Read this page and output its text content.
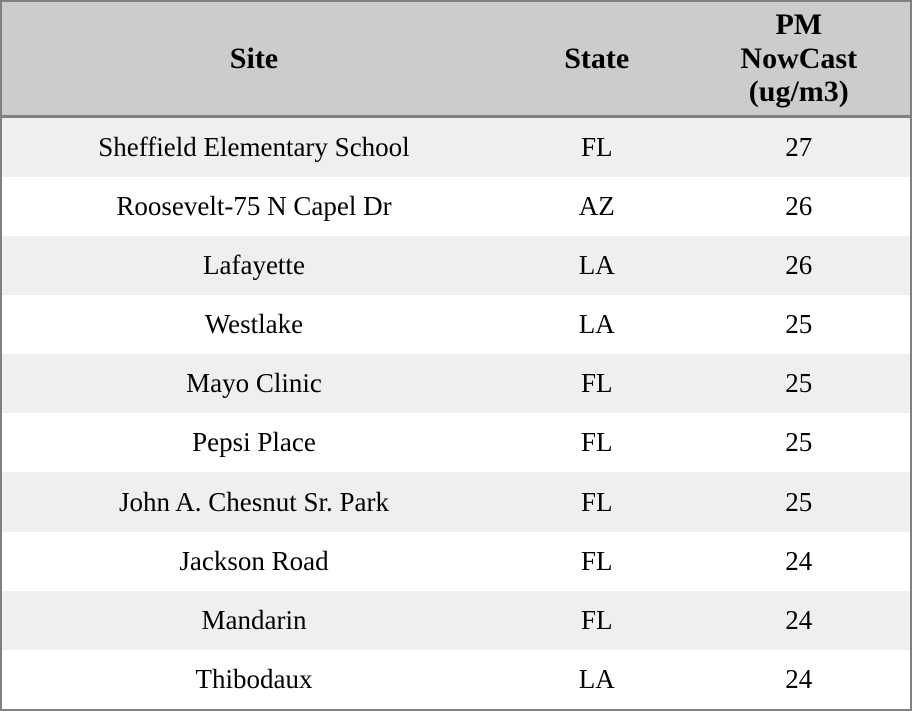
Site	State	PM
NowCast
(ug/m3)

Sheffield Elementary School	FL	27
Roosevelt-75 N Capel Dr	AZ	26
Lafayette	LA	26
Westlake	LA	25
Mayo Clinic	FL	25
Pepsi Place	FL	25
John A. Chesnut Sr. Park	FL	25
Jackson Road	FL	24
Mandarin	FL	24
Thibodaux	LA	24
